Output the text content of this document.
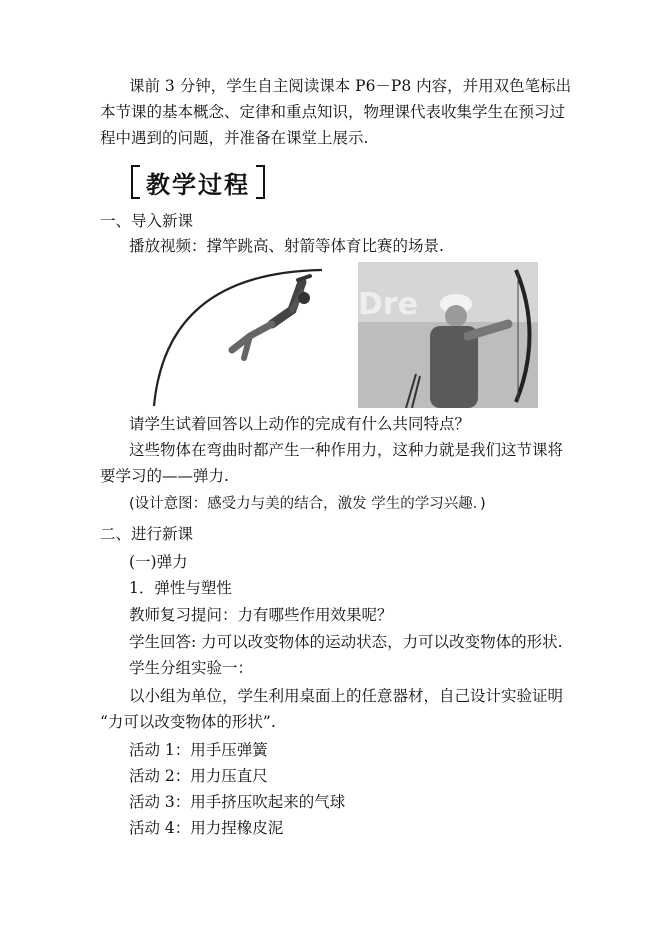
课前 3 分钟，学生自主阅读课本 P6－P8 内容，并用双色笔标出
本节课的基本概念、定律和重点知识，物理课代表收集学生在预习过
程中遇到的问题，并准备在课堂上展示.
教学过程
一、导入新课
播放视频：撑竿跳高、射箭等体育比赛的场景.
Dre
请学生试着回答以上动作的完成有什么共同特点？
这些物体在弯曲时都产生一种作用力，这种力就是我们这节课将
要学习的——弹力.
(设计意图：感受力与美的结合，激发 学生的学习兴趣．)
二、进行新课
(一)弹力
1．弹性与塑性
教师复习提问：力有哪些作用效果呢？
学生回答: 力可以改变物体的运动状态，力可以改变物体的形状.
学生分组实验一：
以小组为单位，学生利用桌面上的任意器材，自己设计实验证明
“力可以改变物体的形状”.
活动 1：用手压弹簧
活动 2：用力压直尺
活动 3：用手挤压吹起来的气球
活动 4：用力捏橡皮泥
